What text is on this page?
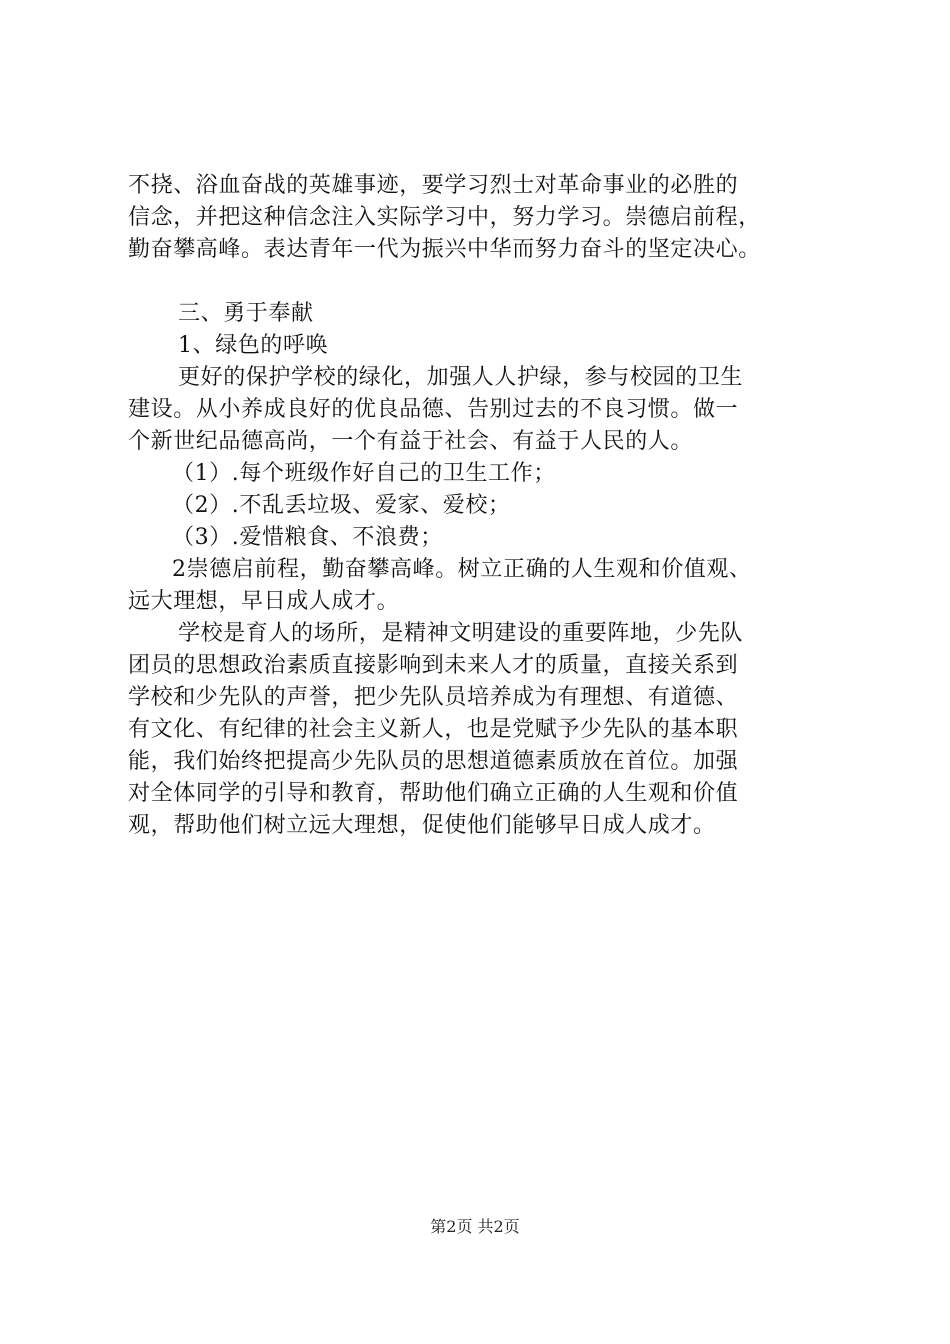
不挠、浴血奋战的英雄事迹，要学习烈士对革命事业的必胜的
信念，并把这种信念注入实际学习中，努力学习。崇德启前程，
勤奋攀高峰。表达青年一代为振兴中华而努力奋斗的坚定决心。
三、勇于奉献
1、绿色的呼唤
更好的保护学校的绿化，加强人人护绿，参与校园的卫生
建设。从小养成良好的优良品德、告别过去的不良习惯。做一
个新世纪品德高尚，一个有益于社会、有益于人民的人。
（1）.每个班级作好自己的卫生工作；
（2）.不乱丢垃圾、爱家、爱校；
（3）.爱惜粮食、不浪费；
2崇德启前程，勤奋攀高峰。树立正确的人生观和价值观、
远大理想，早日成人成才。
学校是育人的场所，是精神文明建设的重要阵地，少先队
团员的思想政治素质直接影响到未来人才的质量，直接关系到
学校和少先队的声誉，把少先队员培养成为有理想、有道德、
有文化、有纪律的社会主义新人，也是党赋予少先队的基本职
能，我们始终把提高少先队员的思想道德素质放在首位。加强
对全体同学的引导和教育，帮助他们确立正确的人生观和价值
观，帮助他们树立远大理想，促使他们能够早日成人成才。
第2页 共2页
